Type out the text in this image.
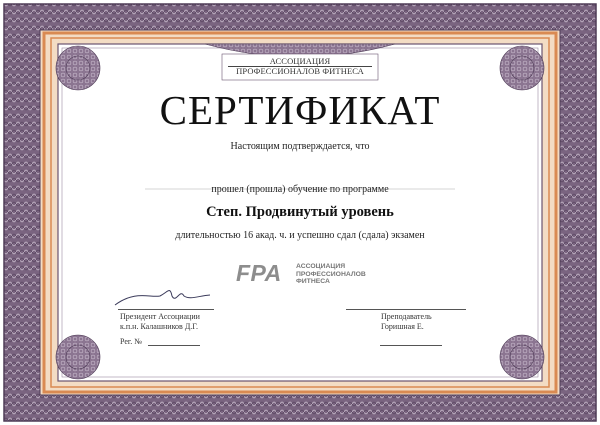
АССОЦИАЦИЯ
ПРОФЕССИОНАЛОВ ФИТНЕСА
СЕРТИФИКАТ
Настоящим подтверждается, что
прошел (прошла) обучение по программе
Степ. Продвинутый уровень
длительностью 16 акад. ч. и успешно сдал (сдала) экзамен
FPA АССОЦИАЦИЯ
ПРОФЕССИОНАЛОВ
ФИТНЕСА
Президент Ассоциации
к.п.н. Калашников Д.Г.
Рег. №
Преподаватель
Горишная Е.
